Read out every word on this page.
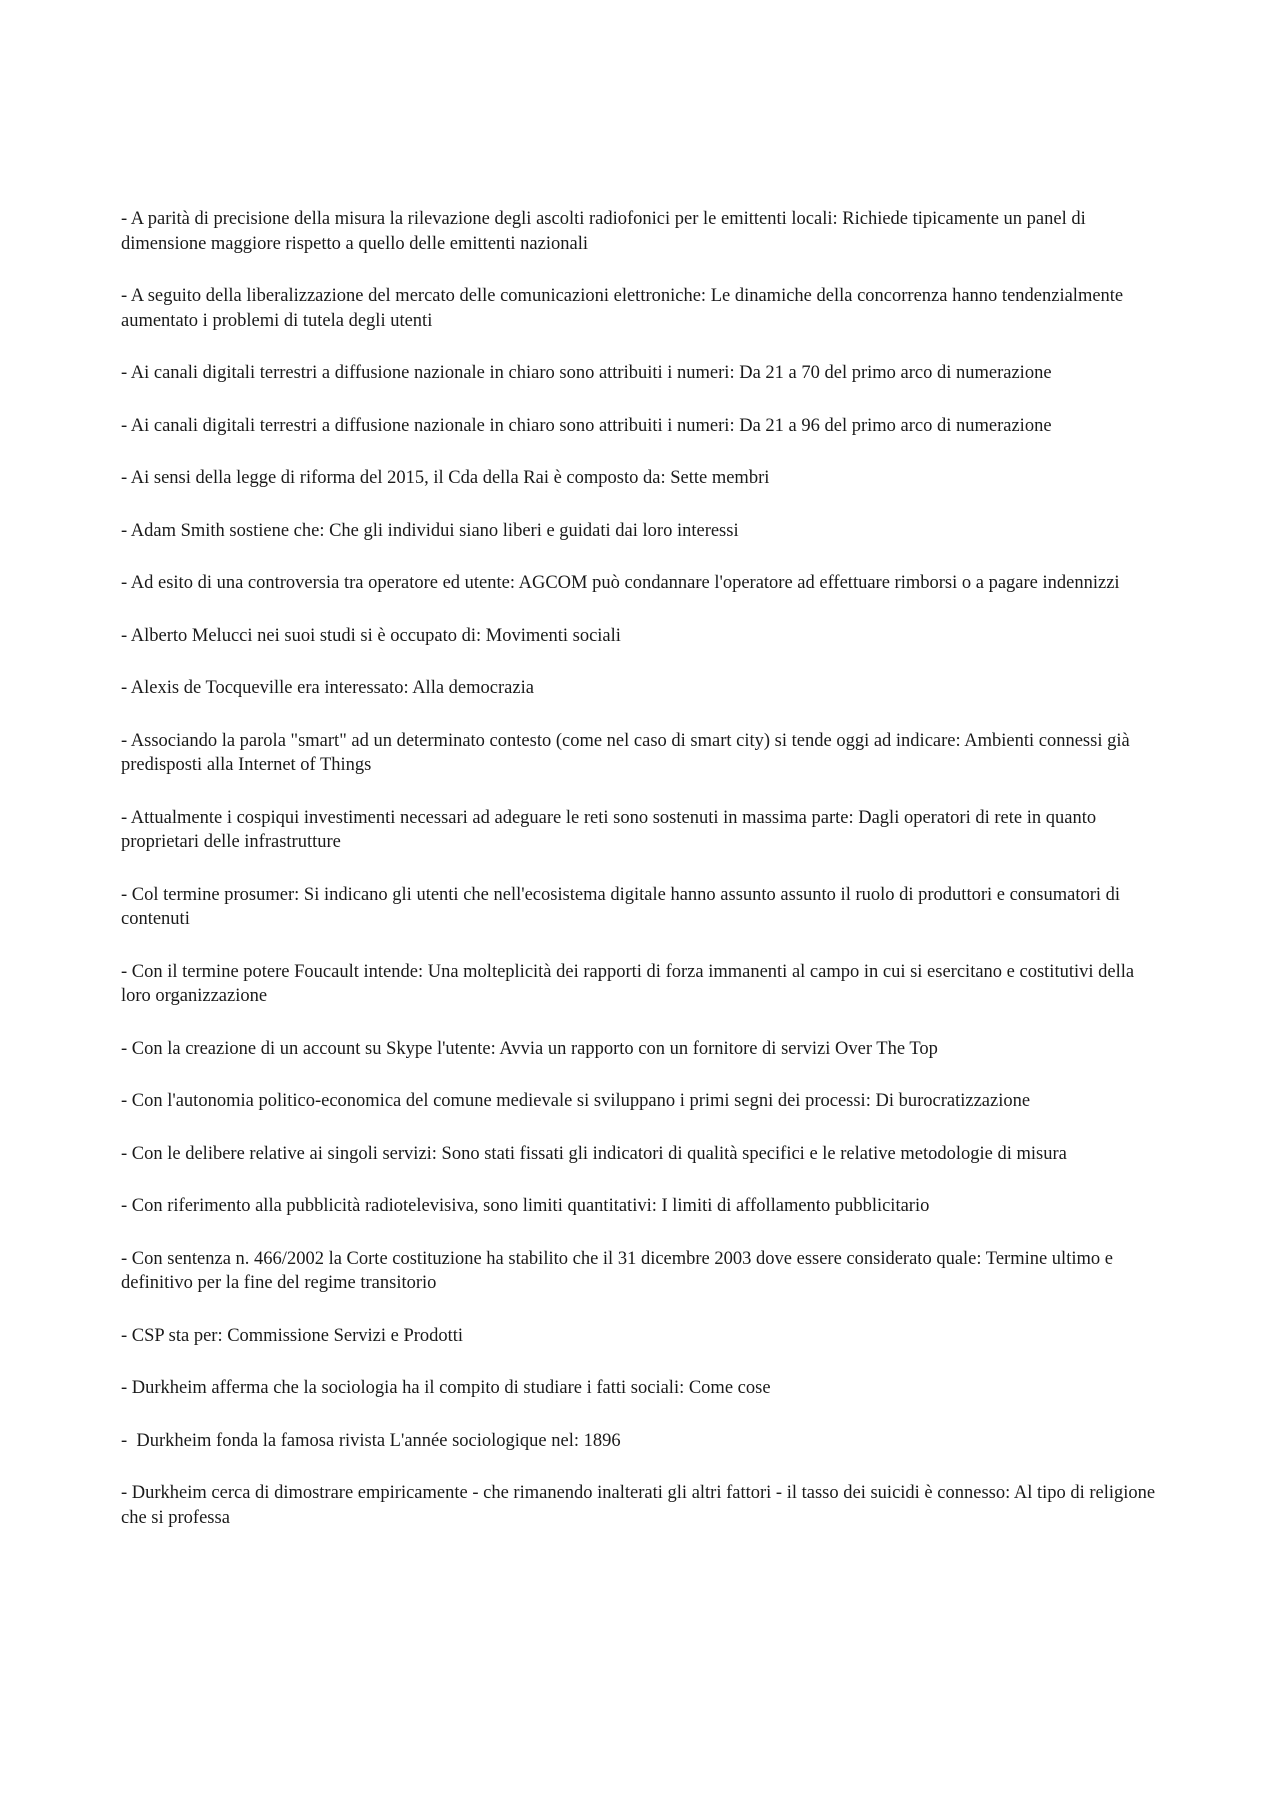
- A parità di precisione della misura la rilevazione degli ascolti radiofonici per le emittenti locali: Richiede tipicamente un panel di dimensione maggiore rispetto a quello delle emittenti nazionali

- A seguito della liberalizzazione del mercato delle comunicazioni elettroniche: Le dinamiche della concorrenza hanno tendenzialmente aumentato i problemi di tutela degli utenti

- Ai canali digitali terrestri a diffusione nazionale in chiaro sono attribuiti i numeri: Da 21 a 70 del primo arco di numerazione

- Ai canali digitali terrestri a diffusione nazionale in chiaro sono attribuiti i numeri: Da 21 a 96 del primo arco di numerazione

- Ai sensi della legge di riforma del 2015, il Cda della Rai è composto da: Sette membri

- Adam Smith sostiene che: Che gli individui siano liberi e guidati dai loro interessi

- Ad esito di una controversia tra operatore ed utente: AGCOM può condannare l'operatore ad effettuare rimborsi o a pagare indennizzi

- Alberto Melucci nei suoi studi si è occupato di: Movimenti sociali

- Alexis de Tocqueville era interessato: Alla democrazia

- Associando la parola "smart" ad un determinato contesto (come nel caso di smart city) si tende oggi ad indicare: Ambienti connessi già predisposti alla Internet of Things

- Attualmente i cospiqui investimenti necessari ad adeguare le reti sono sostenuti in massima parte: Dagli operatori di rete in quanto proprietari delle infrastrutture

- Col termine prosumer: Si indicano gli utenti che nell'ecosistema digitale hanno assunto assunto il ruolo di produttori e consumatori di contenuti

- Con il termine potere Foucault intende: Una molteplicità dei rapporti di forza immanenti al campo in cui si esercitano e costitutivi della loro organizzazione

- Con la creazione di un account su Skype l'utente: Avvia un rapporto con un fornitore di servizi Over The Top

- Con l'autonomia politico-economica del comune medievale si sviluppano i primi segni dei processi: Di burocratizzazione

- Con le delibere relative ai singoli servizi: Sono stati fissati gli indicatori di qualità specifici e le relative metodologie di misura

- Con riferimento alla pubblicità radiotelevisiva, sono limiti quantitativi: I limiti di affollamento pubblicitario

- Con sentenza n. 466/2002 la Corte costituzione ha stabilito che il 31 dicembre 2003 dove essere considerato quale: Termine ultimo e definitivo per la fine del regime transitorio

- CSP sta per: Commissione Servizi e Prodotti

- Durkheim afferma che la sociologia ha il compito di studiare i fatti sociali: Come cose

-  Durkheim fonda la famosa rivista L'année sociologique nel: 1896

- Durkheim cerca di dimostrare empiricamente - che rimanendo inalterati gli altri fattori - il tasso dei suicidi è connesso: Al tipo di religione che si professa
